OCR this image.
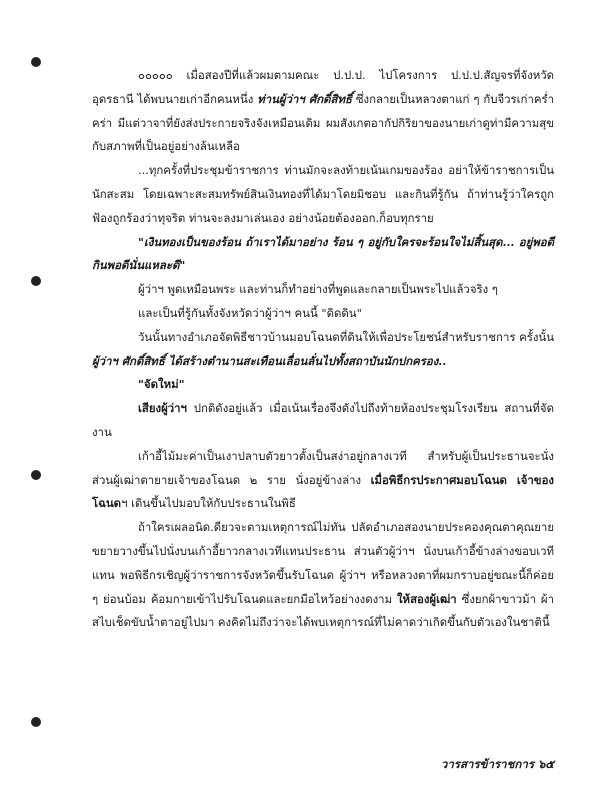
๐๐๐๐๐ เมื่อสองปีที่แล้วผมตามคณะ ป.ป.ป. ไปโครงการ ป.ป.ป.สัญจรที่จังหวัดอุดรธานี ได้พบนายเก่าอีกคนหนึ่ง ท่านผู้ว่าฯ ศักดิ์สิทธิ์ ซึ่งกลายเป็นหลวงตาแก่ ๆ กับจีวรเก่าคร่ำคร่า มีแต่วาจาที่ยังส่งประกายจริงจังเหมือนเดิม ผมสังเกตอากัปกิริยาของนายเก่าดูท่ามีความสุข กับสภาพที่เป็นอยู่อย่างล้นเหลือ

...ทุกครั้งที่ประชุมข้าราชการ ท่านมักจะลงท้ายเน้นเกมของร้อง อย่าให้ข้าราชการเป็นนักสะสม โดยเฉพาะสะสมทรัพย์สินเงินทองที่ได้มาโดยมิชอบ และกินที่รู้กัน ถ้าท่านรู้ว่าใครถูกฟ้องถูกร้องว่าทุจริต ท่านจะลงมาเล่นเอง อย่างน้อยต้องออก.ก็อบทุกราย

"เงินทองเป็นของร้อน ถ้าเราได้มาอย่าง ร้อน ๆ อยู่กับใครจะร้อนใจไม่สิ้นสุด... อยู่พอดีกินพอดีนั่นแหละดี"

ผู้ว่าฯ พูดเหมือนพระ และท่านก็ทำอย่างที่พูดและกลายเป็นพระไปแล้วจริง ๆ

และเป็นที่รู้กันทั้งจังหวัดว่าผู้ว่าฯ คนนี้ "ดิดดิน"

วันนั้นทางอำเภอจัดพิธีชาวบ้านมอบโฉนดที่ดินให้เพื่อประโยชน์สำหรับราชการ ครั้งนั้น ผู้ว่าฯ ศักดิ์สิทธิ์ ได้สร้างตำนานสะเทือนเลื่อนลั่นไปทั้งสถาบันนักปกครอง..

"จัดใหม่"

เสียงผู้ว่าฯ ปกติดังอยู่แล้ว เมื่อเน้นเรื่องจึงดังไปถึงท้ายห้องประชุมโรงเรียน สถานที่จัดงาน

เก้าอี้ไม้มะค่าเป็นเงาปลาบตัวยาวตั้งเป็นสง่าอยู่กลางเวที สำหรับผู้เป็นประธานจะนั่ง ส่วนผู้เฒ่าตายายเจ้าของโฉนด ๒ ราย นั่งอยู่ข้างล่าง เมื่อพิธีกรประกาศมอบโฉนด เจ้าของโฉนดฯ เดินขึ้นไปมอบให้กับประธานในพิธี

ถ้าใครเผลอนิด.ดียวจะตามเหตุการณ์ไม่ทัน ปลัดอำเภอสองนายประคองคุณตาคุณยาย ขยายวางขึ้นไปนั่งบนเก้าอี้ยาวกลางเวทีแทนประธาน ส่วนตัวผู้ว่าฯ นั่งบนเก้าอี้ข้างล่างขอบเวทีแทน พอพิธีกรเชิญผู้ว่าราชการจังหวัดขึ้นรับโฉนด ผู้ว่าฯ หรือหลวงตาที่ผมกราบอยู่ขณะนี้ก็ค่อย ๆ ย่อนบ้อม ค้อมกายเข้าไปรับโฉนดและยกมือไหว้อย่างงดงาม ให้สองผู้เฒ่า ซึ่งยกผ้าขาวม้า ผ้าสไบเช็ดขับน้ำตาอยู่ไปมา คงคิดไม่ถึงว่าจะได้พบเหตุการณ์ที่ไม่คาดว่าเกิดขึ้นกับตัวเองในชาตินี้

วารสารข้าราชการ ๖๕
